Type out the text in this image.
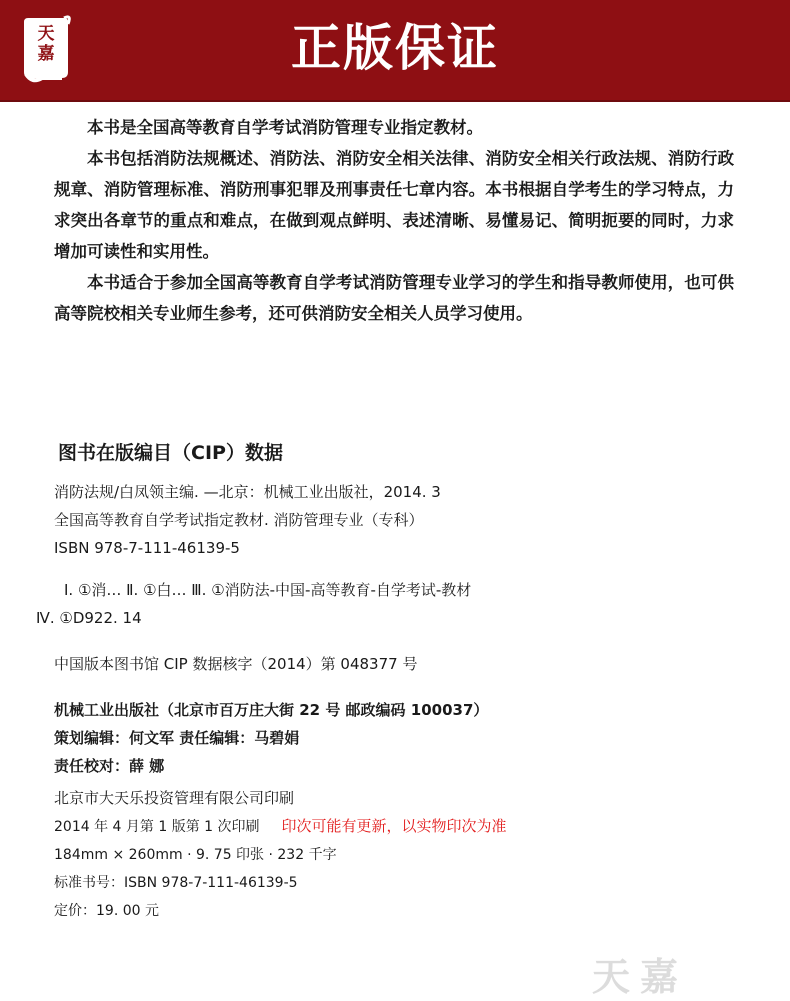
天嘉	正版保证

本书是全国高等教育自学考试消防管理专业指定教材。

本书包括消防法规概述、消防法、消防安全相关法律、消防安全相关行政法规、消防行政规章、消防管理标准、消防刑事犯罪及刑事责任七章内容。本书根据自学考生的学习特点，力求突出各章节的重点和难点，在做到观点鲜明、表述清晰、易懂易记、简明扼要的同时，力求增加可读性和实用性。

本书适合于参加全国高等教育自学考试消防管理专业学习的学生和指导教师使用，也可供高等院校相关专业师生参考，还可供消防安全相关人员学习使用。

图书在版编目（CIP）数据
消防法规/白凤领主编. —北京：机械工业出版社，2014. 3
全国高等教育自学考试指定教材. 消防管理专业（专科）
ISBN 978-7-111-46139-5
Ⅰ. ①消… Ⅱ. ①白… Ⅲ. ①消防法-中国-高等教育-自学考试-教材
Ⅳ. ①D922. 14
中国版本图书馆 CIP 数据核字（2014）第 048377 号
机械工业出版社（北京市百万庄大街 22 号 邮政编码 100037）
策划编辑：何文军 责任编辑：马碧娟
责任校对：薛 娜
北京市大天乐投资管理有限公司印刷
2014 年 4 月第 1 版第 1 次印刷 印次可能有更新，以实物印次为准
184mm × 260mm · 9. 75 印张 · 232 千字
标准书号：ISBN 978-7-111-46139-5
定价：19. 00 元
天嘉
